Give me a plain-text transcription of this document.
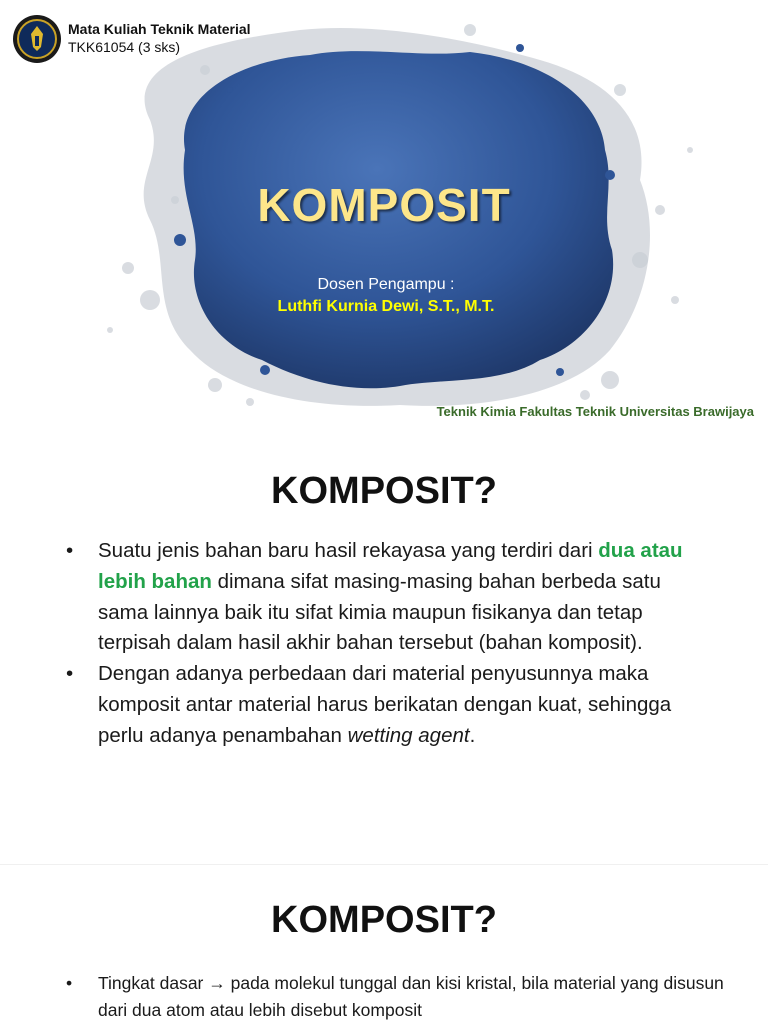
Mata Kuliah Teknik Material
TKK61054 (3 sks)
KOMPOSIT
Dosen Pengampu :
Luthfi Kurnia Dewi, S.T., M.T.
Teknik Kimia Fakultas Teknik Universitas Brawijaya
KOMPOSIT?
• Suatu jenis bahan baru hasil rekayasa yang terdiri dari dua atau lebih bahan dimana sifat masing-masing bahan berbeda satu sama lainnya baik itu sifat kimia maupun fisikanya dan tetap terpisah dalam hasil akhir bahan tersebut (bahan komposit).
• Dengan adanya perbedaan dari material penyusunnya maka komposit antar material harus berikatan dengan kuat, sehingga perlu adanya penambahan wetting agent.
KOMPOSIT?
• Tingkat dasar → pada molekul tunggal dan kisi kristal, bila material yang disusun dari dua atom atau lebih disebut komposit
